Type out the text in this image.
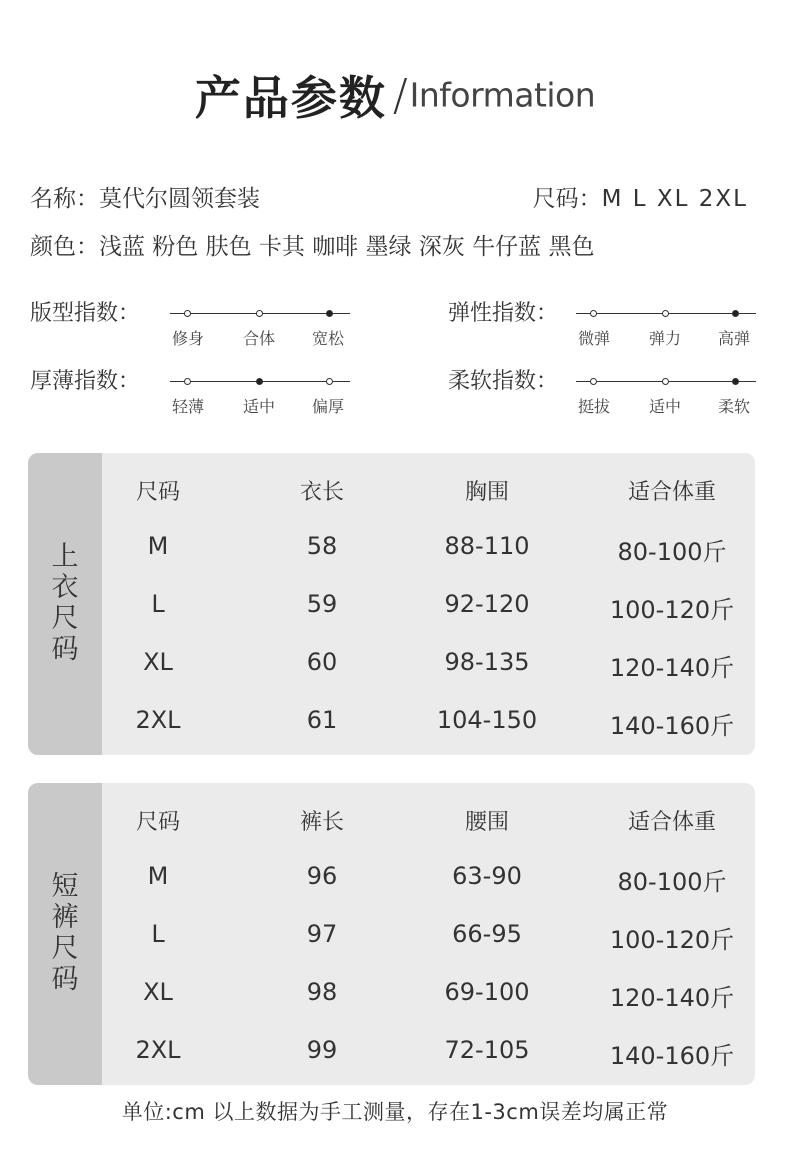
产品参数 /Information
名称：莫代尔圆领套装	尺码：M L XL 2XL
颜色：浅蓝 粉色 肤色 卡其 咖啡 墨绿 深灰 牛仔蓝 黑色
版型指数：
修身	合体	宽松
弹性指数：
微弹	弹力	高弹
厚薄指数：
轻薄	适中	偏厚
柔软指数：
挺拔	适中	柔软
上
衣
尺
码
尺码	衣长	胸围	适合体重
M	58	88-110	80-100斤
L	59	92-120	100-120斤
XL	60	98-135	120-140斤
2XL	61	104-150	140-160斤
短
裤
尺
码
尺码	裤长	腰围	适合体重
M	96	63-90	80-100斤
L	97	66-95	100-120斤
XL	98	69-100	120-140斤
2XL	99	72-105	140-160斤
单位:cm 以上数据为手工测量，存在1-3cm误差均属正常
